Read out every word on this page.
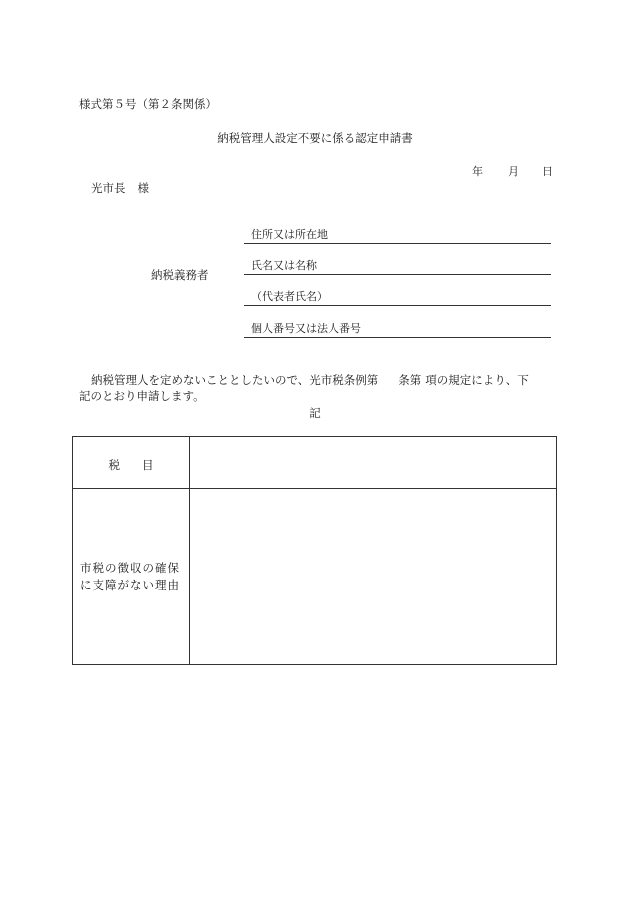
様式第５号（第２条関係）
納税管理人設定不要に係る認定申請書
年 月 日
光市長 様
納税義務者
住所又は所在地
氏名又は名称
（代表者氏名）
個人番号又は法人番号
納税管理人を定めないこととしたいので、光市税条例第 条第 項の規定により、下
記のとおり申請します。
記
税 目
市税の徴収の確保に支障がない理由
